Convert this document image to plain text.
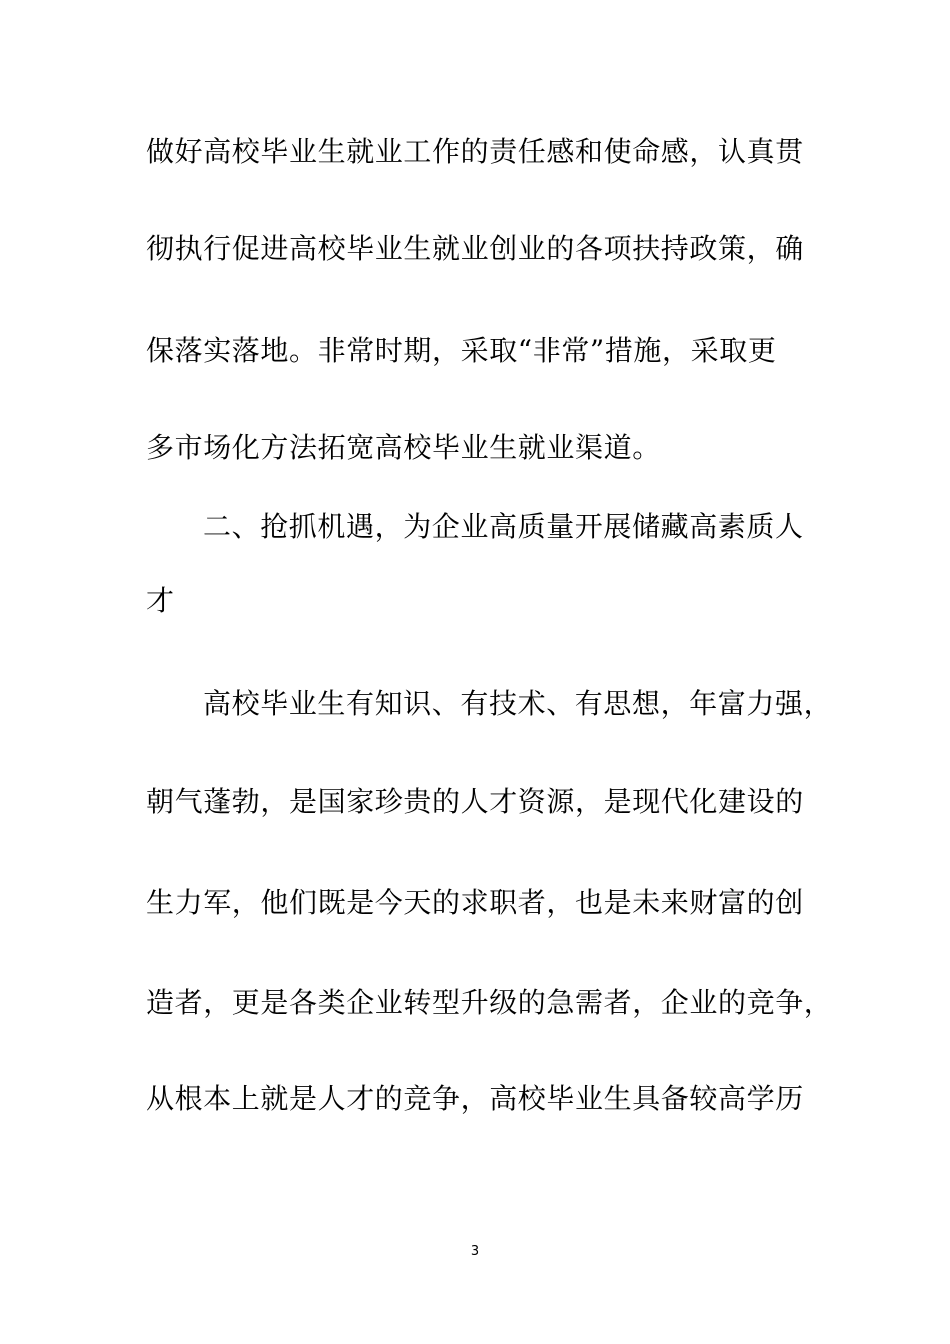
做好高校毕业生就业工作的责任感和使命感，认真贯
彻执行促进高校毕业生就业创业的各项扶持政策，确
保落实落地。非常时期，采取“非常”措施，采取更
多市场化方法拓宽高校毕业生就业渠道。
二、抢抓机遇，为企业高质量开展储藏高素质人
才
高校毕业生有知识、有技术、有思想，年富力强，
朝气蓬勃，是国家珍贵的人才资源，是现代化建设的
生力军，他们既是今天的求职者，也是未来财富的创
造者，更是各类企业转型升级的急需者，企业的竞争，
从根本上就是人才的竞争，高校毕业生具备较高学历
3
